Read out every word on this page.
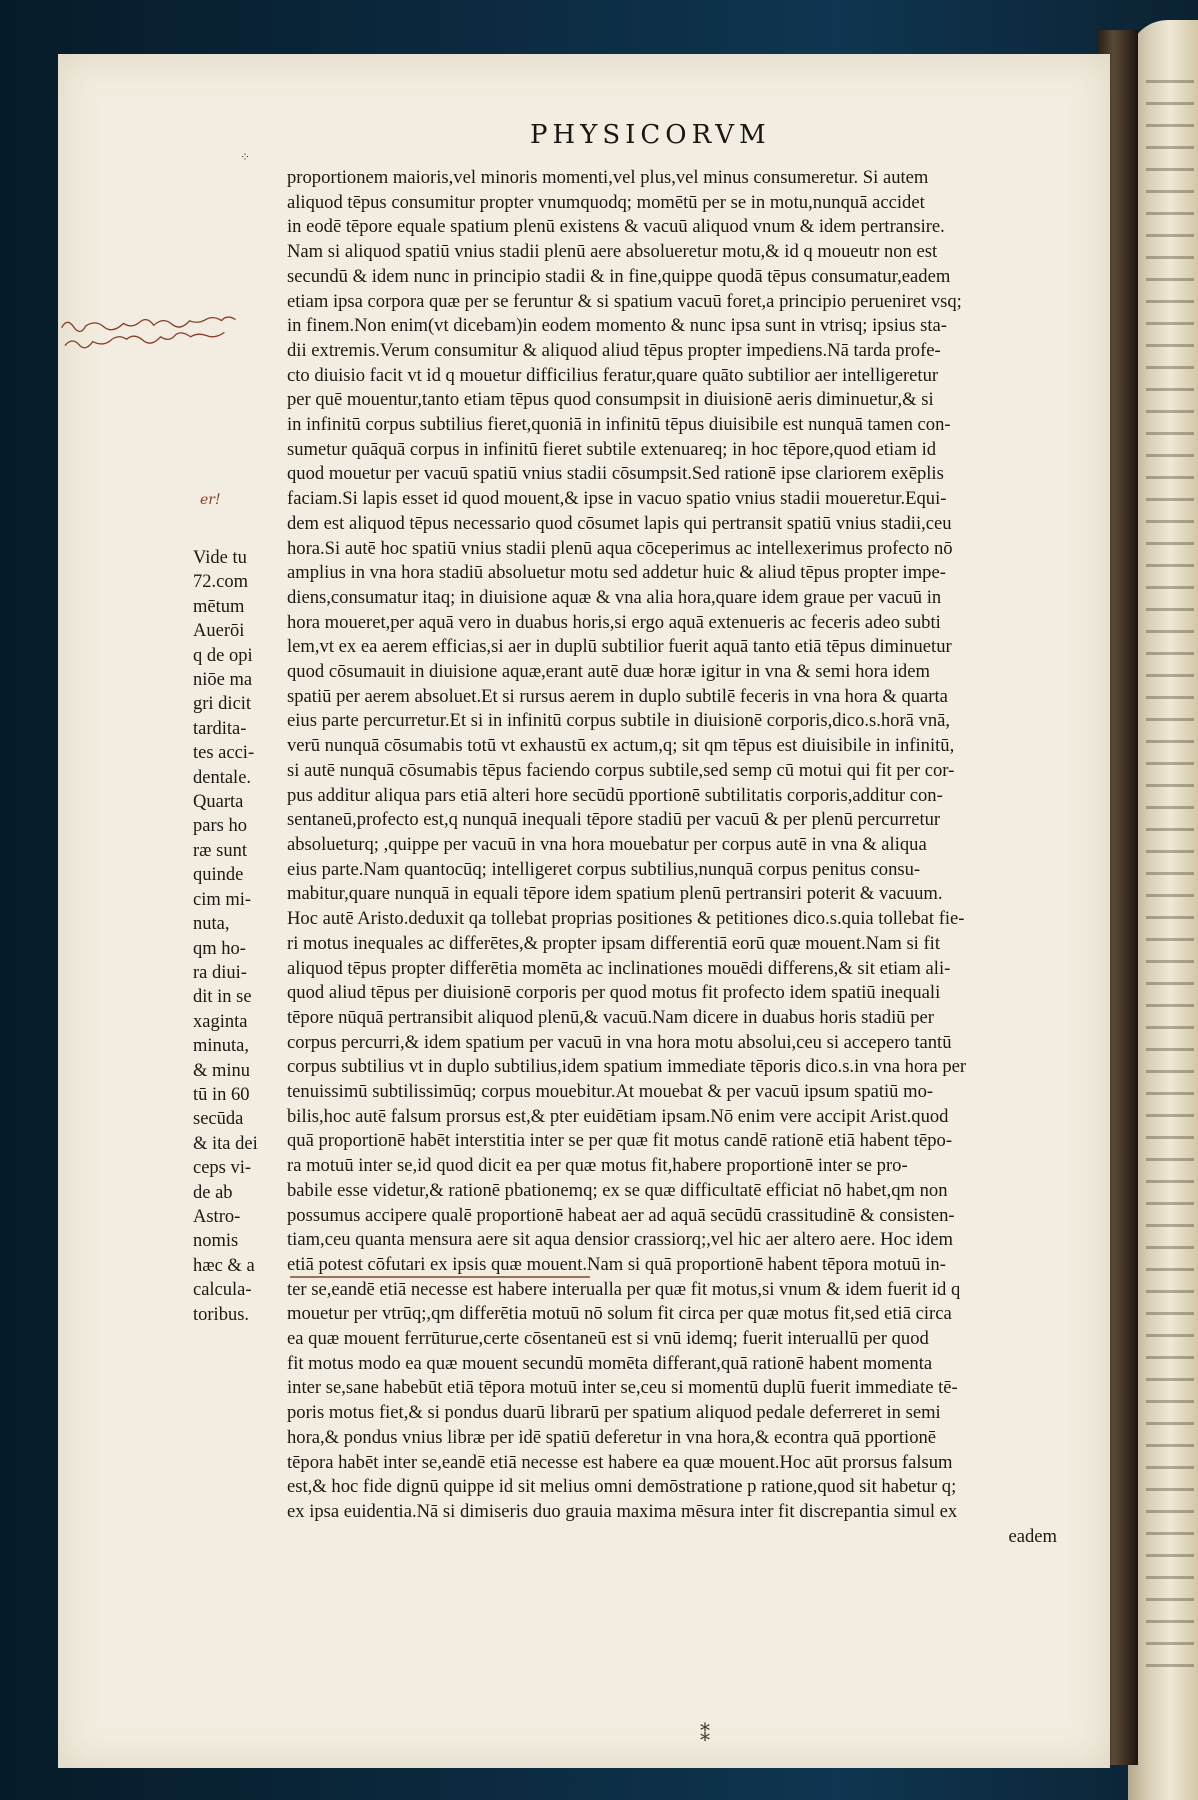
⁘
PHYSICORVM
er!
Vide tu
72.com
mētum
Auerōi
q de opi
niōe ma
gri dicit
tardita-
tes acci-
dentale.
Quarta
pars ho
ræ sunt
quinde
cim mi-
nuta,
qm ho-
ra diui-
dit in se
xaginta
minuta,
& minu
tū in 60
secūda
& ita dei
ceps vi-
de ab
Astro-
nomis
hæc & a
calcula-
toribus.
proportionem maioris,vel minoris momenti,vel plus,vel minus consumeretur. Si autem
aliquod tēpus consumitur propter vnumquodq; momētū per se in motu,nunquā accidet
in eodē tēpore equale spatium plenū existens & vacuū aliquod vnum & idem pertransire.
Nam si aliquod spatiū vnius stadii plenū aere absolueretur motu,& id q moueutr non est
secundū & idem nunc in principio stadii & in fine,quippe quodā tēpus consumatur,eadem
etiam ipsa corpora quæ per se feruntur & si spatium vacuū foret,a principio perueniret vsq;
in finem.Non enim(vt dicebam)in eodem momento & nunc ipsa sunt in vtrisq; ipsius sta-
dii extremis.Verum consumitur & aliquod aliud tēpus propter impediens.Nā tarda profe-
cto diuisio facit vt id q mouetur difficilius feratur,quare quāto subtilior aer intelligeretur
per quē mouentur,tanto etiam tēpus quod consumpsit in diuisionē aeris diminuetur,& si
in infinitū corpus subtilius fieret,quoniā in infinitū tēpus diuisibile est nunquā tamen con-
sumetur quāquā corpus in infinitū fieret subtile extenuareq; in hoc tēpore,quod etiam id
quod mouetur per vacuū spatiū vnius stadii cōsumpsit.Sed rationē ipse clariorem exēplis
faciam.Si lapis esset id quod mouent,& ipse in vacuo spatio vnius stadii moueretur.Equi-
dem est aliquod tēpus necessario quod cōsumet lapis qui pertransit spatiū vnius stadii,ceu
hora.Si autē hoc spatiū vnius stadii plenū aqua cōceperimus ac intellexerimus profecto nō
amplius in vna hora stadiū absoluetur motu sed addetur huic & aliud tēpus propter impe-
diens,consumatur itaq; in diuisione aquæ & vna alia hora,quare idem graue per vacuū in
hora moueret,per aquā vero in duabus horis,si ergo aquā extenueris ac feceris adeo subti
lem,vt ex ea aerem efficias,si aer in duplū subtilior fuerit aquā tanto etiā tēpus diminuetur
quod cōsumauit in diuisione aquæ,erant autē duæ horæ igitur in vna & semi hora idem
spatiū per aerem absoluet.Et si rursus aerem in duplo subtilē feceris in vna hora & quarta
eius parte percurretur.Et si in infinitū corpus subtile in diuisionē corporis,dico.s.horā vnā,
verū nunquā cōsumabis totū vt exhaustū ex actum,q; sit qm tēpus est diuisibile in infinitū,
si autē nunquā cōsumabis tēpus faciendo corpus subtile,sed semp cū motui qui fit per cor-
pus additur aliqua pars etiā alteri hore secūdū pportionē subtilitatis corporis,additur con-
sentaneū,profecto est,q nunquā inequali tēpore stadiū per vacuū & per plenū percurretur
absolueturq; ,quippe per vacuū in vna hora mouebatur per corpus autē in vna & aliqua
eius parte.Nam quantocūq; intelligeret corpus subtilius,nunquā corpus penitus consu-
mabitur,quare nunquā in equali tēpore idem spatium plenū pertransiri poterit & vacuum.
Hoc autē Aristo.deduxit qa tollebat proprias positiones & petitiones dico.s.quia tollebat fie-
ri motus inequales ac differētes,& propter ipsam differentiā eorū quæ mouent.Nam si fit
aliquod tēpus propter differētia momēta ac inclinationes mouēdi differens,& sit etiam ali-
quod aliud tēpus per diuisionē corporis per quod motus fit profecto idem spatiū inequali
tēpore nūquā pertransibit aliquod plenū,& vacuū.Nam dicere in duabus horis stadiū per
corpus percurri,& idem spatium per vacuū in vna hora motu absolui,ceu si accepero tantū
corpus subtilius vt in duplo subtilius,idem spatium immediate tēporis dico.s.in vna hora per
tenuissimū subtilissimūq; corpus mouebitur.At mouebat & per vacuū ipsum spatiū mo-
bilis,hoc autē falsum prorsus est,& pter euidētiam ipsam.Nō enim vere accipit Arist.quod
quā proportionē habēt interstitia inter se per quæ fit motus candē rationē etiā habent tēpo-
ra motuū inter se,id quod dicit ea per quæ motus fit,habere proportionē inter se pro-
babile esse videtur,& rationē pbationemq; ex se quæ difficultatē efficiat nō habet,qm non
possumus accipere qualē proportionē habeat aer ad aquā secūdū crassitudinē & consisten-
tiam,ceu quanta mensura aere sit aqua densior crassiorq;,vel hic aer altero aere. Hoc idem
etiā potest cōfutari ex ipsis quæ mouent.Nam si quā proportionē habent tēpora motuū in-
ter se,eandē etiā necesse est habere interualla per quæ fit motus,si vnum & idem fuerit id q
mouetur per vtrūq;,qm differētia motuū nō solum fit circa per quæ motus fit,sed etiā circa
ea quæ mouent ferrūturue,certe cōsentaneū est si vnū idemq; fuerit interuallū per quod
fit motus modo ea quæ mouent secundū momēta differant,quā rationē habent momenta
inter se,sane habebūt etiā tēpora motuū inter se,ceu si momentū duplū fuerit immediate tē-
poris motus fiet,& si pondus duarū librarū per spatium aliquod pedale deferreret in semi
hora,& pondus vnius libræ per idē spatiū deferetur in vna hora,& econtra quā pportionē
tēpora habēt inter se,eandē etiā necesse est habere ea quæ mouent.Hoc aūt prorsus falsum
est,& hoc fide dignū quippe id sit melius omni demōstratione p ratione,quod sit habetur q;
ex ipsa euidentia.Nā si dimiseris duo grauia maxima mēsura inter fit discrepantia simul ex
eadem
⁑
